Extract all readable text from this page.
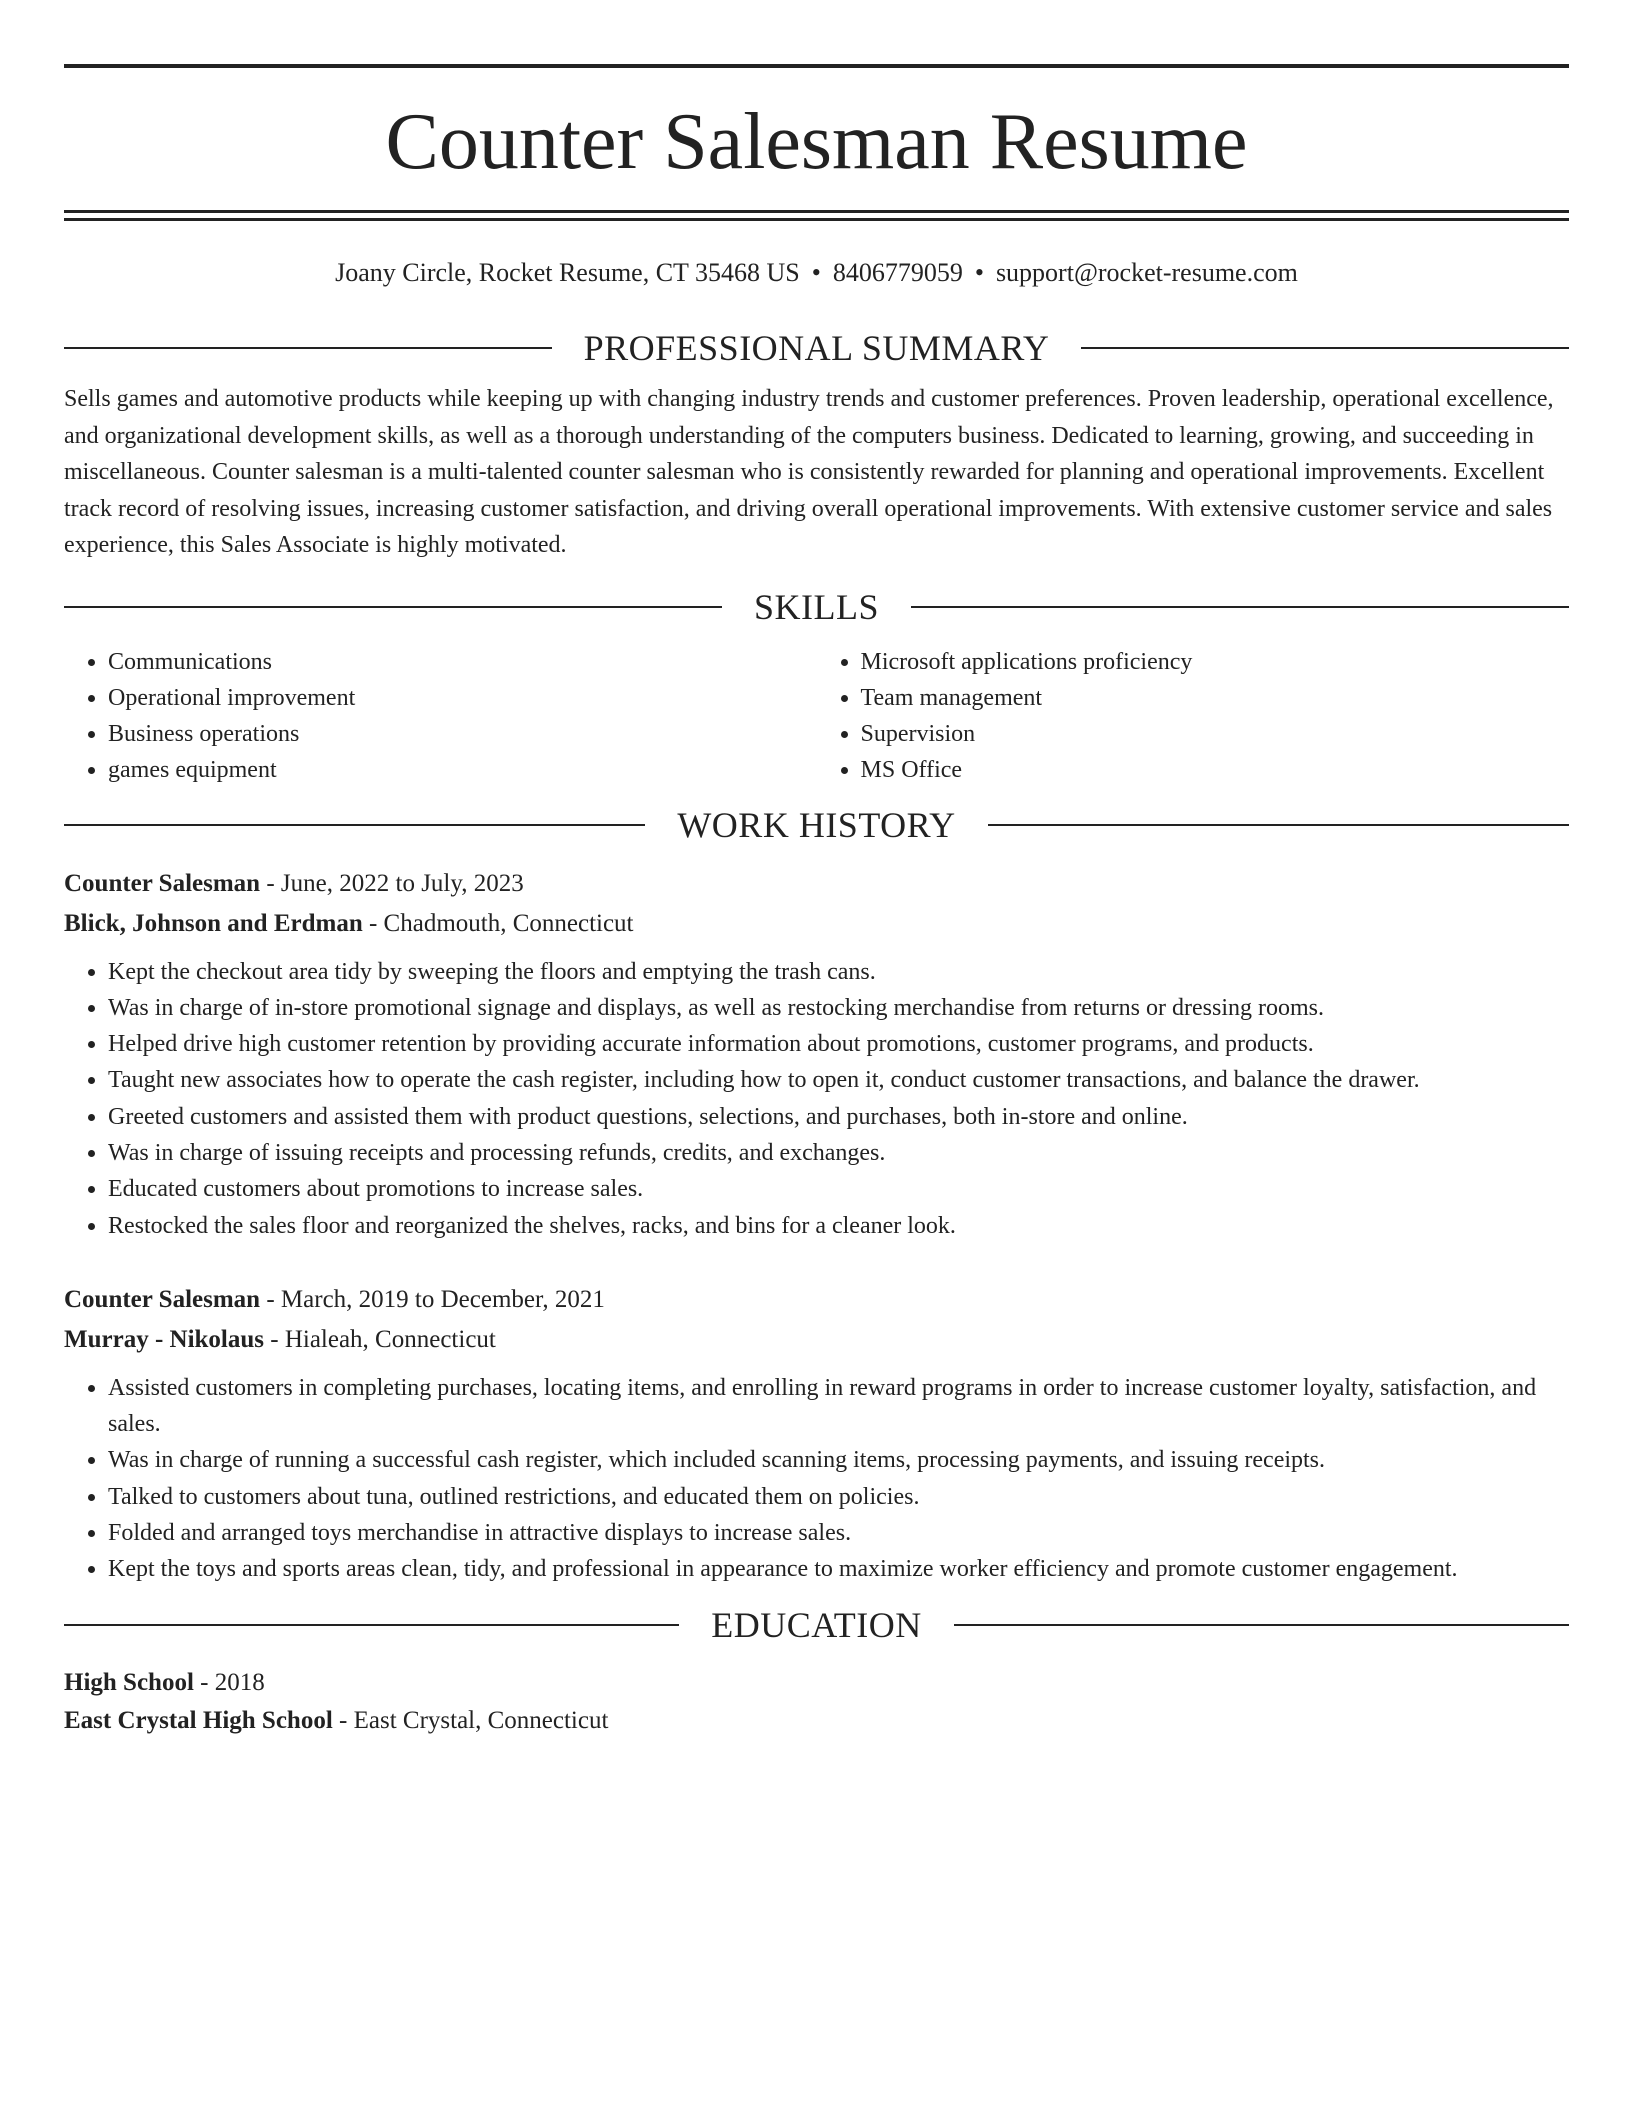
Counter Salesman Resume
Joany Circle, Rocket Resume, CT 35468 US • 8406779059 • support@rocket-resume.com
PROFESSIONAL SUMMARY
Sells games and automotive products while keeping up with changing industry trends and customer preferences. Proven leadership, operational excellence, and organizational development skills, as well as a thorough understanding of the computers business. Dedicated to learning, growing, and succeeding in miscellaneous. Counter salesman is a multi-talented counter salesman who is consistently rewarded for planning and operational improvements. Excellent track record of resolving issues, increasing customer satisfaction, and driving overall operational improvements. With extensive customer service and sales experience, this Sales Associate is highly motivated.
SKILLS
• Communications
• Operational improvement
• Business operations
• games equipment
• Microsoft applications proficiency
• Team management
• Supervision
• MS Office
WORK HISTORY
Counter Salesman - June, 2022 to July, 2023
Blick, Johnson and Erdman - Chadmouth, Connecticut
• Kept the checkout area tidy by sweeping the floors and emptying the trash cans.
• Was in charge of in-store promotional signage and displays, as well as restocking merchandise from returns or dressing rooms.
• Helped drive high customer retention by providing accurate information about promotions, customer programs, and products.
• Taught new associates how to operate the cash register, including how to open it, conduct customer transactions, and balance the drawer.
• Greeted customers and assisted them with product questions, selections, and purchases, both in-store and online.
• Was in charge of issuing receipts and processing refunds, credits, and exchanges.
• Educated customers about promotions to increase sales.
• Restocked the sales floor and reorganized the shelves, racks, and bins for a cleaner look.
Counter Salesman - March, 2019 to December, 2021
Murray - Nikolaus - Hialeah, Connecticut
• Assisted customers in completing purchases, locating items, and enrolling in reward programs in order to increase customer loyalty, satisfaction, and sales.
• Was in charge of running a successful cash register, which included scanning items, processing payments, and issuing receipts.
• Talked to customers about tuna, outlined restrictions, and educated them on policies.
• Folded and arranged toys merchandise in attractive displays to increase sales.
• Kept the toys and sports areas clean, tidy, and professional in appearance to maximize worker efficiency and promote customer engagement.
EDUCATION
High School - 2018
East Crystal High School - East Crystal, Connecticut
